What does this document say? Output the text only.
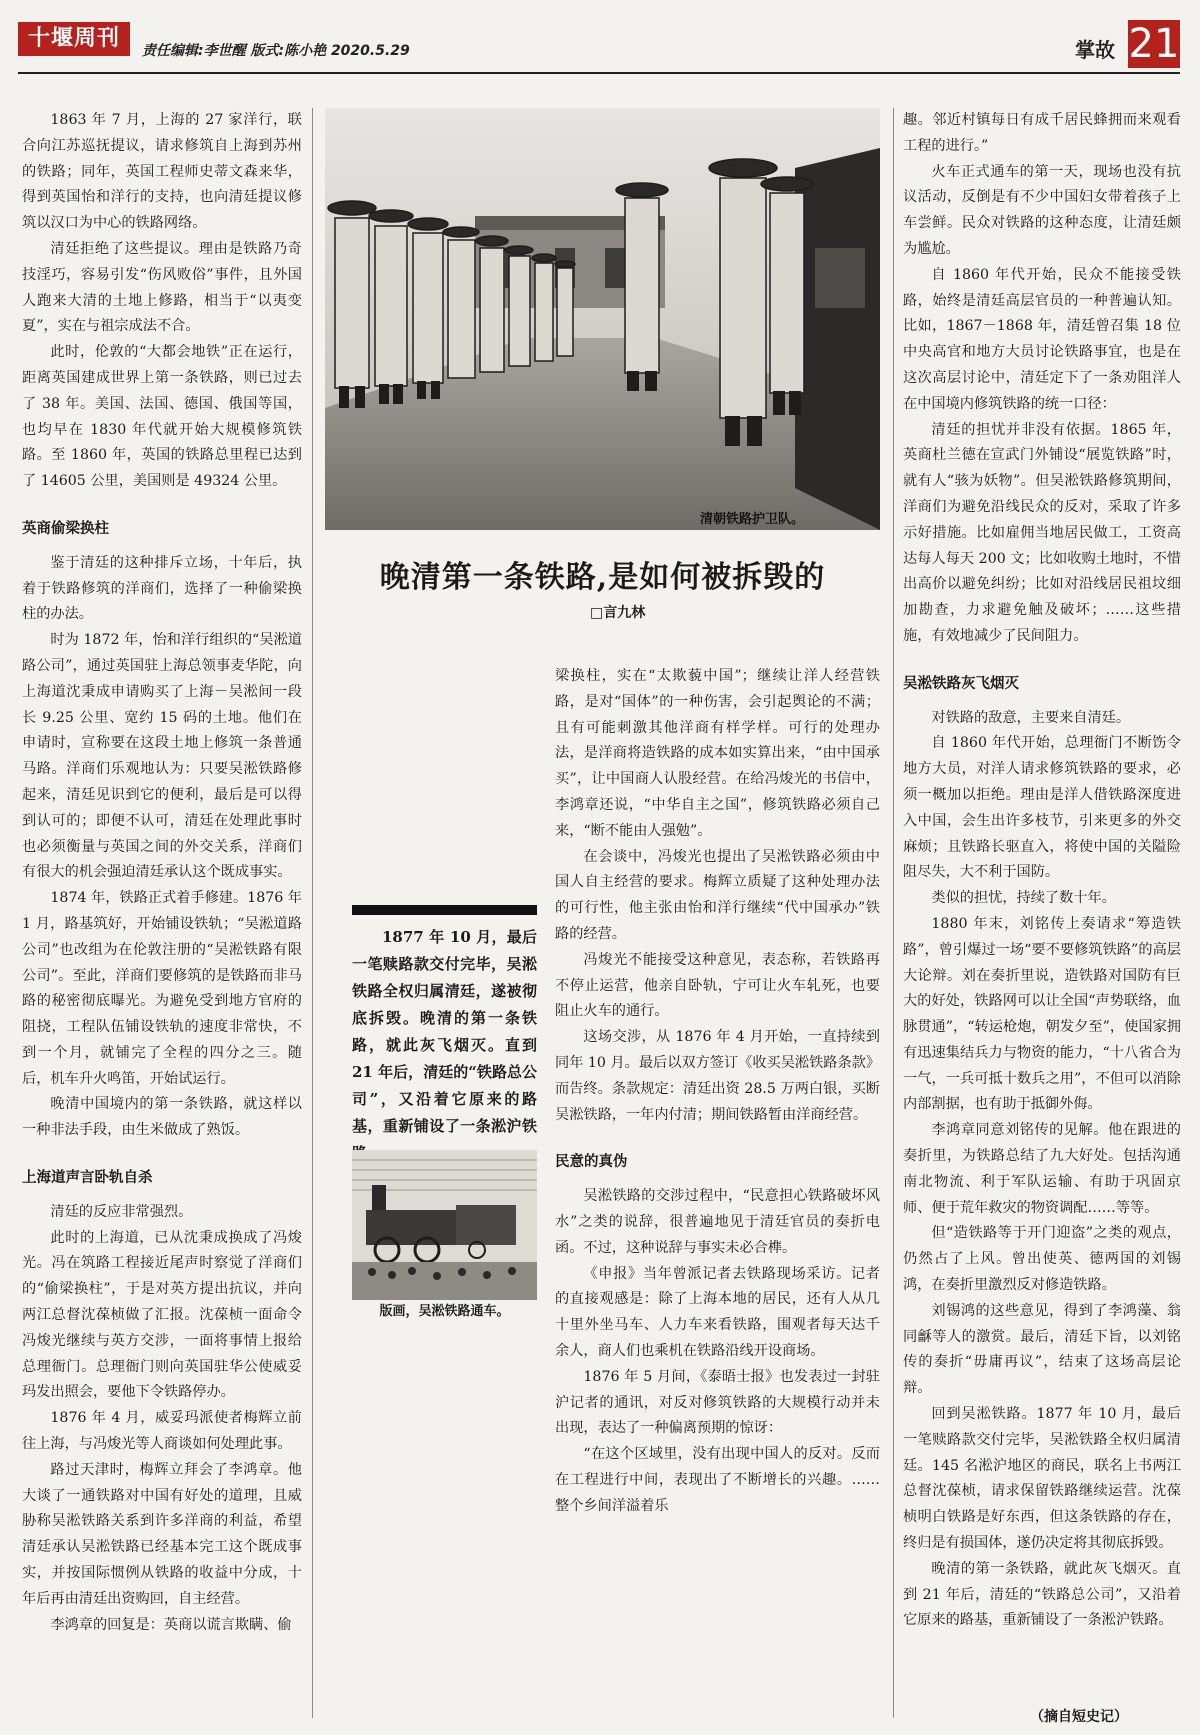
十堰周刊	责任编辑:李世醒 版式:陈小艳 2020.5.29	掌故 21

1863 年 7 月，上海的 27 家洋行，联合向江苏巡抚提议，请求修筑自上海到苏州的铁路；同年，英国工程师史蒂文森来华，得到英国怡和洋行的支持，也向清廷提议修筑以汉口为中心的铁路网络。

清廷拒绝了这些提议。理由是铁路乃奇技淫巧，容易引发“伤风败俗”事件，且外国人跑来大清的土地上修路，相当于“以夷变夏”，实在与祖宗成法不合。

此时，伦敦的“大都会地铁”正在运行，距离英国建成世界上第一条铁路，则已过去了 38 年。美国、法国、德国、俄国等国，也均早在 1830 年代就开始大规模修筑铁路。至 1860 年，英国的铁路总里程已达到了 14605 公里，美国则是 49324 公里。

英商偷梁换柱

鉴于清廷的这种排斥立场，十年后，执着于铁路修筑的洋商们，选择了一种偷梁换柱的办法。

时为 1872 年，怡和洋行组织的“吴淞道路公司”，通过英国驻上海总领事麦华陀，向上海道沈秉成申请购买了上海－吴淞间一段长 9.25 公里、宽约 15 码的土地。他们在申请时，宣称要在这段土地上修筑一条普通马路。洋商们乐观地认为：只要吴淞铁路修起来，清廷见识到它的便利，最后是可以得到认可的；即便不认可，清廷在处理此事时也必须衡量与英国之间的外交关系，洋商们有很大的机会强迫清廷承认这个既成事实。

1874 年，铁路正式着手修建。1876 年 1 月，路基筑好，开始铺设铁轨；“吴淞道路公司”也改组为在伦敦注册的“吴淞铁路有限公司”。至此，洋商们要修筑的是铁路而非马路的秘密彻底曝光。为避免受到地方官府的阻挠，工程队伍铺设铁轨的速度非常快，不到一个月，就铺完了全程的四分之三。随后，机车升火鸣笛，开始试运行。

晚清中国境内的第一条铁路，就这样以一种非法手段，由生米做成了熟饭。

上海道声言卧轨自杀

清廷的反应非常强烈。

此时的上海道，已从沈秉成换成了冯焌光。冯在筑路工程接近尾声时察觉了洋商们的“偷梁换柱”，于是对英方提出抗议，并向两江总督沈葆桢做了汇报。沈葆桢一面命令冯焌光继续与英方交涉，一面将事情上报给总理衙门。总理衙门则向英国驻华公使威妥玛发出照会，要他下令铁路停办。

1876 年 4 月，威妥玛派使者梅辉立前往上海，与冯焌光等人商谈如何处理此事。

路过天津时，梅辉立拜会了李鸿章。他大谈了一通铁路对中国有好处的道理，且威胁称吴淞铁路关系到许多洋商的利益，希望清廷承认吴淞铁路已经基本完工这个既成事实，并按国际惯例从铁路的收益中分成，十年后再由清廷出资购回，自主经营。

李鸿章的回复是：英商以谎言欺瞒、偷

清朝铁路护卫队。
晚清第一条铁路,是如何被拆毁的
□言九林

1877 年 10 月，最后一笔赎路款交付完毕，吴淞铁路全权归属清廷，遂被彻底拆毁。晚清的第一条铁路，就此灰飞烟灭。直到 21 年后，清廷的“铁路总公司”，又沿着它原来的路基，重新铺设了一条淞沪铁

版画，吴淞铁路通车。

梁换柱，实在“太欺藐中国”；继续让洋人经营铁路，是对“国体”的一种伤害，会引起舆论的不满；且有可能刺激其他洋商有样学样。可行的处理办法，是洋商将造铁路的成本如实算出来，“由中国承买”，让中国商人认股经营。在给冯焌光的书信中，李鸿章还说，“中华自主之国”，修筑铁路必须自己来，“断不能由人强勉”。

在会谈中，冯焌光也提出了吴淞铁路必须由中国人自主经营的要求。梅辉立质疑了这种处理办法的可行性，他主张由怡和洋行继续“代中国承办”铁路的经营。

冯焌光不能接受这种意见，表态称，若铁路再不停止运营，他亲自卧轨，宁可让火车轧死，也要阻止火车的通行。

这场交涉，从 1876 年 4 月开始，一直持续到同年 10 月。最后以双方签订《收买吴淞铁路条款》而告终。条款规定：清廷出资 28.5 万两白银，买断吴淞铁路，一年内付清；期间铁路暂由洋商经营。

民意的真伪

吴淞铁路的交涉过程中，“民意担心铁路破坏风水”之类的说辞，很普遍地见于清廷官员的奏折电函。不过，这种说辞与事实未必合榫。

《申报》当年曾派记者去铁路现场采访。记者的直接观感是：除了上海本地的居民，还有人从几十里外坐马车、人力车来看铁路，围观者每天达千余人，商人们也乘机在铁路沿线开设商场。

1876 年 5 月间，《泰晤士报》也发表过一封驻沪记者的通讯，对反对修筑铁路的大规模行动并未出现，表达了一种偏离预期的惊讶：

“在这个区域里，没有出现中国人的反对。反而在工程进行中间，表现出了不断增长的兴趣。……整个乡间洋溢着乐

趣。邻近村镇每日有成千居民蜂拥而来观看工程的进行。”

火车正式通车的第一天，现场也没有抗议活动，反倒是有不少中国妇女带着孩子上车尝鲜。民众对铁路的这种态度，让清廷颇为尴尬。

自 1860 年代开始，民众不能接受铁路，始终是清廷高层官员的一种普遍认知。比如，1867－1868 年，清廷曾召集 18 位中央高官和地方大员讨论铁路事宜，也是在这次高层讨论中，清廷定下了一条劝阻洋人在中国境内修筑铁路的统一口径：

清廷的担忧并非没有依据。1865 年，英商杜兰德在宣武门外铺设“展览铁路”时，就有人“骇为妖物”。但吴淞铁路修筑期间，洋商们为避免沿线民众的反对，采取了许多示好措施。比如雇佣当地居民做工，工资高达每人每天 200 文；比如收购土地时，不惜出高价以避免纠纷；比如对沿线居民祖坟细加勘查，力求避免触及破坏；……这些措施，有效地减少了民间阻力。

吴淞铁路灰飞烟灭

对铁路的敌意，主要来自清廷。

自 1860 年代开始，总理衙门不断饬令地方大员，对洋人请求修筑铁路的要求，必须一概加以拒绝。理由是洋人借铁路深度进入中国，会生出许多枝节，引来更多的外交麻烦；且铁路长驱直入，将使中国的关隘险阻尽失，大不利于国防。

类似的担忧，持续了数十年。

1880 年末，刘铭传上奏请求“筹造铁路”，曾引爆过一场“要不要修筑铁路”的高层大论辩。刘在奏折里说，造铁路对国防有巨大的好处，铁路网可以让全国“声势联络，血脉贯通”，“转运枪炮，朝发夕至”，使国家拥有迅速集结兵力与物资的能力，“十八省合为一气，一兵可抵十数兵之用”，不但可以消除内部割据，也有助于抵御外侮。

李鸿章同意刘铭传的见解。他在跟进的奏折里，为铁路总结了九大好处。包括沟通南北物流、利于军队运输、有助于巩固京师、便于荒年救灾的物资调配……等等。

但“造铁路等于开门迎盗”之类的观点，仍然占了上风。曾出使英、德两国的刘锡鸿，在奏折里激烈反对修造铁路。

刘锡鸿的这些意见，得到了李鸿藻、翁同龢等人的激赏。最后，清廷下旨，以刘铭传的奏折“毋庸再议”，结束了这场高层论辩。

回到吴淞铁路。1877 年 10 月，最后一笔赎路款交付完毕，吴淞铁路全权归属清廷。145 名淞沪地区的商民，联名上书两江总督沈葆桢，请求保留铁路继续运营。沈葆桢明白铁路是好东西，但这条铁路的存在，终归是有损国体，遂仍决定将其彻底拆毁。

晚清的第一条铁路，就此灰飞烟灭。直到 21 年后，清廷的“铁路总公司”，又沿着它原来的路基，重新铺设了一条淞沪铁路。

（摘自短史记）
